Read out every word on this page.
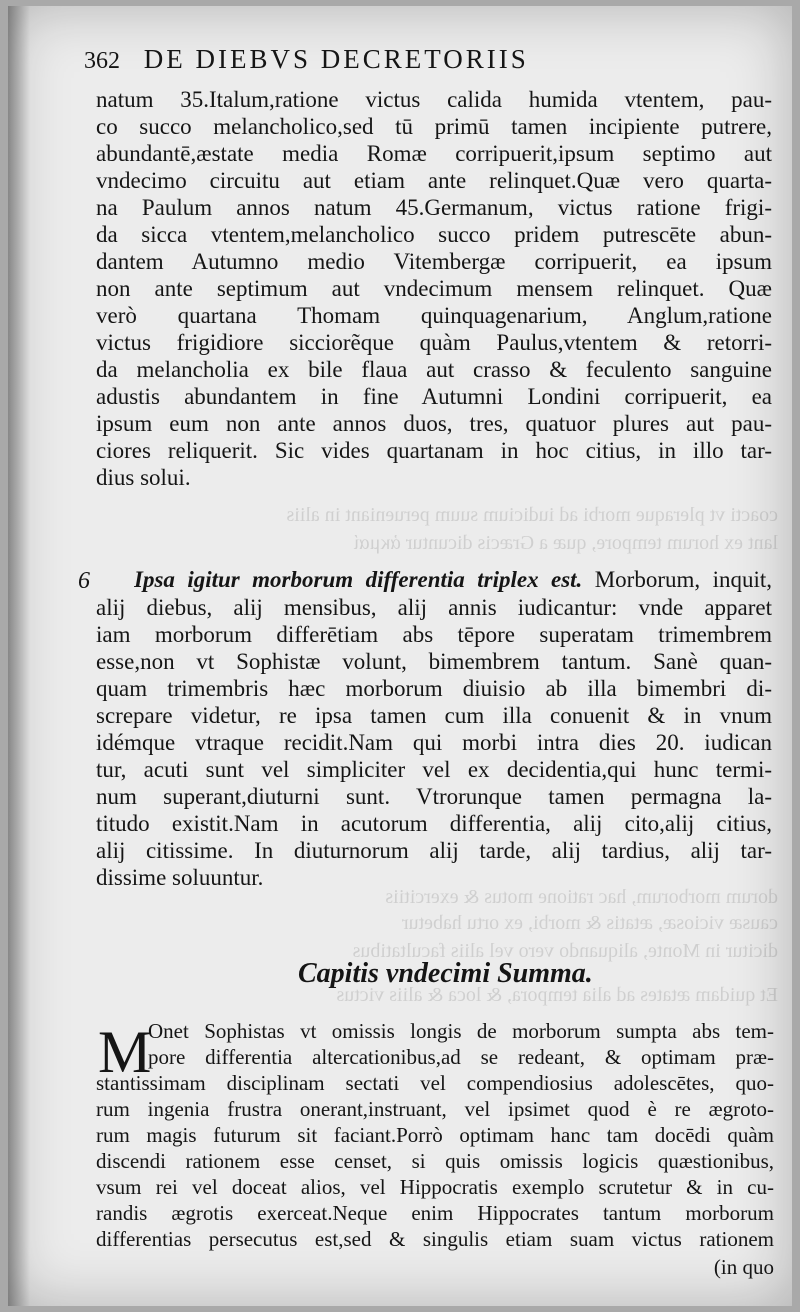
362 DE DIEBVS DECRETORIIS
coacti vt pleraque morbi ad iudicium suum perueniant in aliis
lant ex horum tempore, quæ a Græcis dicuntur ἀκμαί
dorum morborum, hac ratione motus & exercitiis
causæ viciosæ, ætatis & morbi, ex ortu habetur
dicitur in Monte, aliquando vero vel aliis facultatibus
Et quidam ætates ad alia tempora, & loca & aliis victus
natum 35.Italum,ratione victus calida humida vtentem, pau-
co succo melancholico,sed tū primū tamen incipiente putrere,
abundantē,æstate media Romæ corripuerit,ipsum septimo aut
vndecimo circuitu aut etiam ante relinquet.Quæ vero quarta-
na Paulum annos natum 45.Germanum, victus ratione frigi-
da sicca vtentem,melancholico succo pridem putrescēte abun-
dantem Autumno medio Vitembergæ corripuerit, ea ipsum
non ante septimum aut vndecimum mensem relinquet. Quæ
verò quartana Thomam quinquagenarium, Anglum,ratione
victus frigidiore sicciorẽque quàm Paulus,vtentem & retorri-
da melancholia ex bile flaua aut crasso & feculento sanguine
adustis abundantem in fine Autumni Londini corripuerit, ea
ipsum eum non ante annos duos, tres, quatuor plures aut pau-
ciores reliquerit. Sic vides quartanam in hoc citius, in illo tar-
dius solui.
6 Ipsa igitur morborum differentia triplex est. Morborum, inquit,
alij diebus, alij mensibus, alij annis iudicantur: vnde apparet
iam morborum differētiam abs tēpore superatam trimembrem
esse,non vt Sophistæ volunt, bimembrem tantum. Sanè quan-
quam trimembris hæc morborum diuisio ab illa bimembri di-
screpare videtur, re ipsa tamen cum illa conuenit & in vnum
idémque vtraque recidit.Nam qui morbi intra dies 20. iudican
tur, acuti sunt vel simpliciter vel ex decidentia,qui hunc termi-
num superant,diuturni sunt. Vtrorunque tamen permagna la-
titudo existit.Nam in acutorum differentia, alij cito,alij citius,
alij citissime. In diuturnorum alij tarde, alij tardius, alij tar-
dissime soluuntur.
Capitis vndecimi Summa.
M
Onet Sophistas vt omissis longis de morborum sumpta abs tem-
pore differentia altercationibus,ad se redeant, & optimam præ-
stantissimam disciplinam sectati vel compendiosius adolescētes, quo-
rum ingenia frustra onerant,instruant, vel ipsimet quod è re ægroto-
rum magis futurum sit faciant.Porrò optimam hanc tam docēdi quàm
discendi rationem esse censet, si quis omissis logicis quæstionibus,
vsum rei vel doceat alios, vel Hippocratis exemplo scrutetur & in cu-
randis ægrotis exerceat.Neque enim Hippocrates tantum morborum
differentias persecutus est,sed & singulis etiam suam victus rationem
(in quo
